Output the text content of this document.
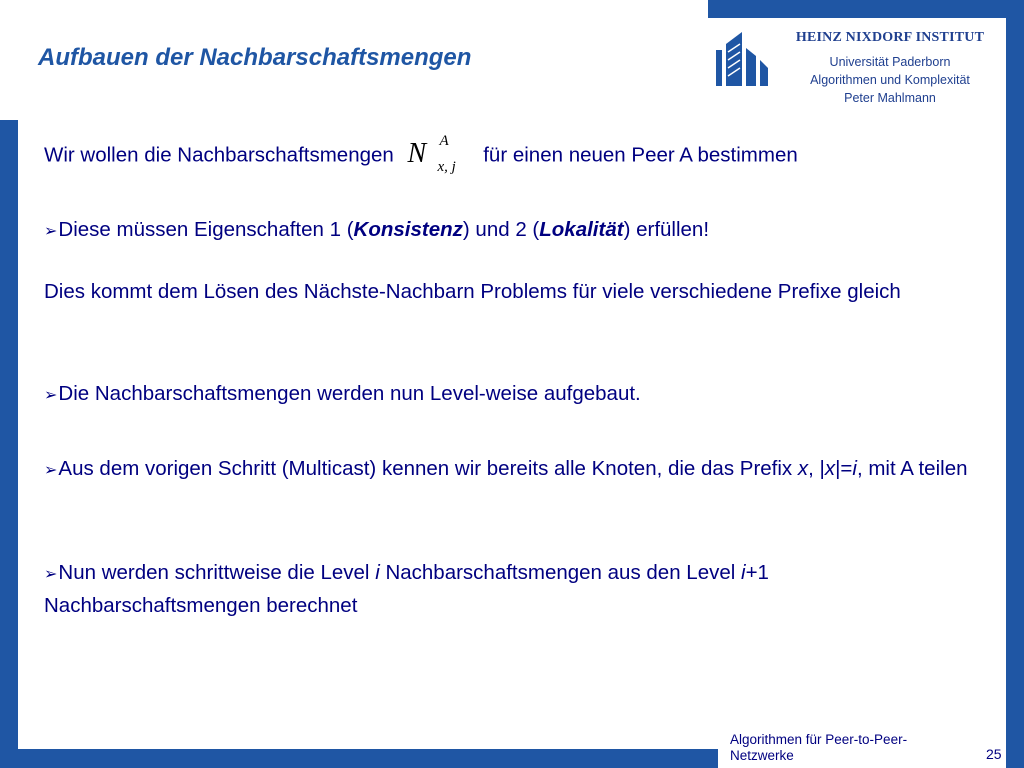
HEINZ NIXDORF INSTITUT
Universität Paderborn
Algorithmen und Komplexität
Peter Mahlmann
Aufbauen der Nachbarschaftsmengen
Wir wollen die Nachbarschaftsmengen N A
x, j
für einen neuen Peer A bestimmen
➢Diese müssen Eigenschaften 1 (Konsistenz) und 2 (Lokalität) erfüllen!
Dies kommt dem Lösen des Nächste-Nachbarn Problems für viele verschiedene Prefixe gleich
➢Die Nachbarschaftsmengen werden nun Level-weise aufgebaut.
➢Aus dem vorigen Schritt (Multicast) kennen wir bereits alle Knoten, die das Prefix x, |x|=i, mit A teilen
➢Nun werden schrittweise die Level i Nachbarschaftsmengen aus den Level i+1 Nachbarschaftsmengen berechnet
Algorithmen für Peer-to-Peer-Netzwerke	25
